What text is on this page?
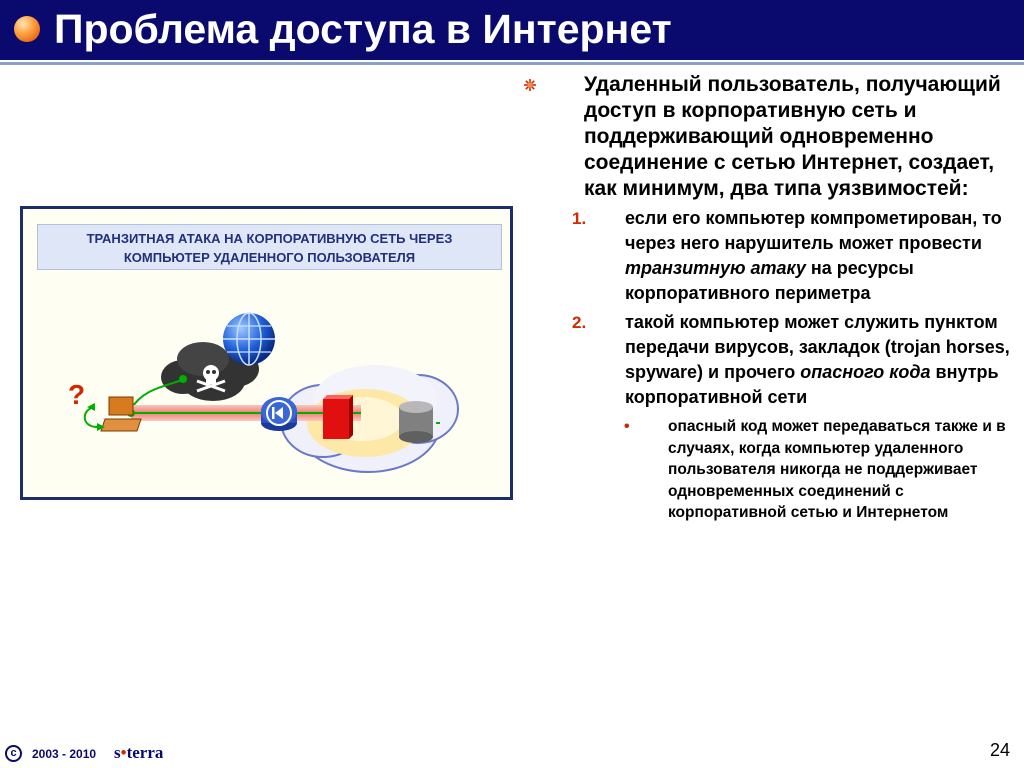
Проблема доступа в Интернет
ТРАНЗИТНАЯ АТАКА НА КОРПОРАТИВНУЮ СЕТЬ ЧЕРЕЗ
КОМПЬЮТЕР УДАЛЕННОГО ПОЛЬЗОВАТЕЛЯ
?
Удаленный пользователь, получающий доступ в корпоративную сеть и поддерживающий одновременно соединение с сетью Интернет, создает, как минимум, два типа уязвимостей:
1. если его компьютер компрометирован, то через него нарушитель может провести транзитную атаку на ресурсы корпоративного периметра
2. такой компьютер может служить пунктом передачи вирусов, закладок (trojan horses, spyware) и прочего опасного кода внутрь корпоративной сети
• опасный код может передаваться также и в случаях, когда компьютер удаленного пользователя никогда не поддерживает одновременных соединений с корпоративной сетью и Интернетом
c	2003 - 2010 s•terra	24
